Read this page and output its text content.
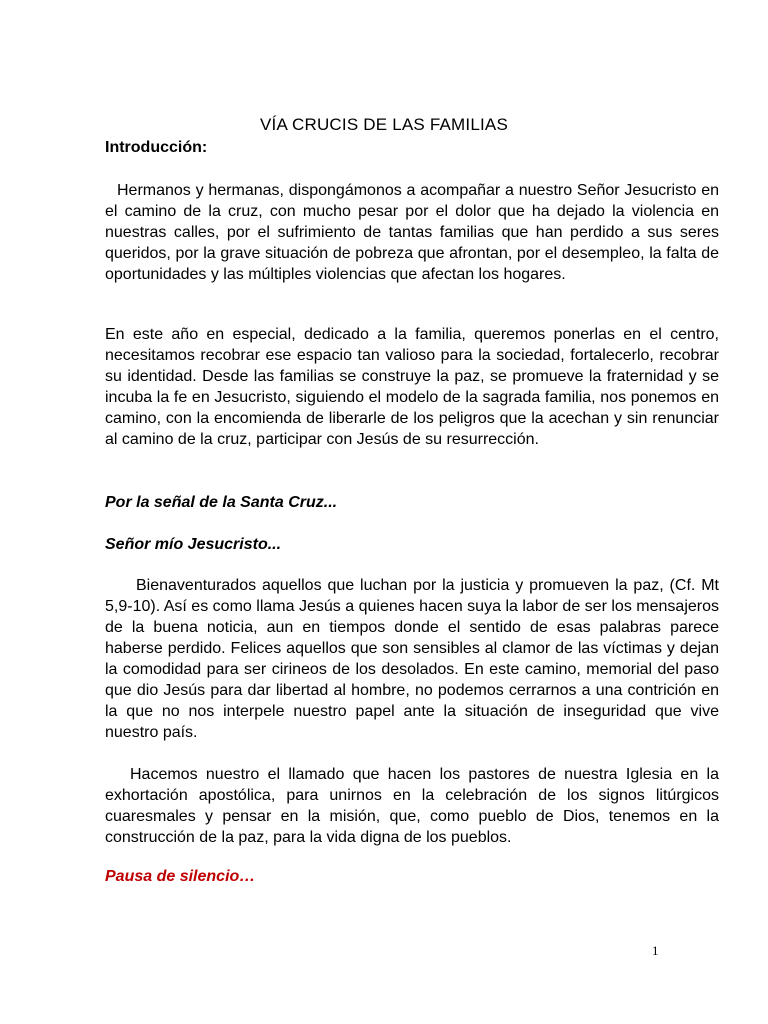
VÍA CRUCIS DE LAS FAMILIAS
Introducción:

Hermanos y hermanas, dispongámonos a acompañar a nuestro Señor Jesucristo en el camino de la cruz, con mucho pesar por el dolor que ha dejado la violencia en nuestras calles, por el sufrimiento de tantas familias que han perdido a sus seres queridos, por la grave situación de pobreza que afrontan, por el desempleo, la falta de oportunidades y las múltiples violencias que afectan los hogares.

En este año en especial, dedicado a la familia, queremos ponerlas en el centro, necesitamos recobrar ese espacio tan valioso para la sociedad, fortalecerlo, recobrar su identidad. Desde las familias se construye la paz, se promueve la fraternidad y se incuba la fe en Jesucristo, siguiendo el modelo de la sagrada familia, nos ponemos en camino, con la encomienda de liberarle de los peligros que la acechan y sin renunciar al camino de la cruz, participar con Jesús de su resurrección.

Por la señal de la Santa Cruz...
Señor mío Jesucristo...

Bienaventurados aquellos que luchan por la justicia y promueven la paz, (Cf. Mt 5,9-10). Así es como llama Jesús a quienes hacen suya la labor de ser los mensajeros de la buena noticia, aun en tiempos donde el sentido de esas palabras parece haberse perdido. Felices aquellos que son sensibles al clamor de las víctimas y dejan la comodidad para ser cirineos de los desolados. En este camino, memorial del paso que dio Jesús para dar libertad al hombre, no podemos cerrarnos a una contrición en la que no nos interpele nuestro papel ante la situación de inseguridad que vive nuestro país.

Hacemos nuestro el llamado que hacen los pastores de nuestra Iglesia en la exhortación apostólica, para unirnos en la celebración de los signos litúrgicos cuaresmales y pensar en la misión, que, como pueblo de Dios, tenemos en la construcción de la paz, para la vida digna de los pueblos.

Pausa de silencio…
1
